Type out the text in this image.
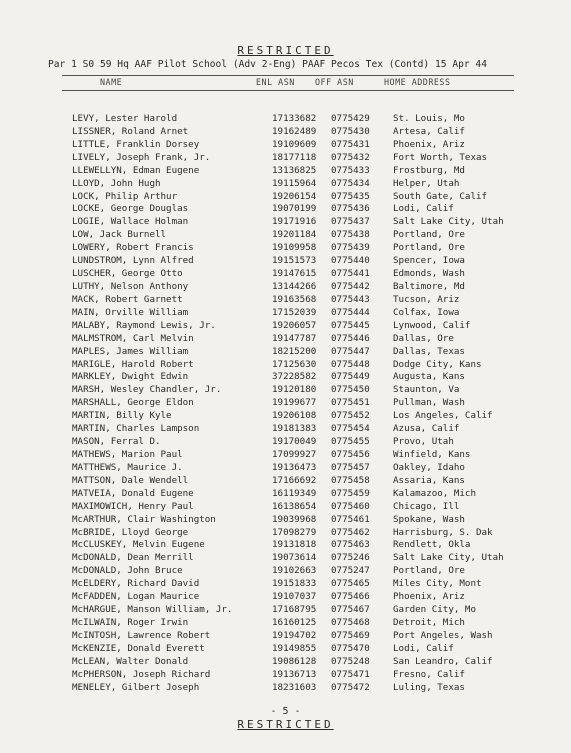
RESTRICTED
Par 1 S0 59 Hq AAF Pilot School (Adv 2-Eng) PAAF Pecos Tex (Contd) 15 Apr 44
NAME	ENL ASN OFF ASN	HOME ADDRESS
LEVY, Lester Harold	17133682 0775429	St. Louis, Mo
LISSNER, Roland Arnet	19162489 0775430	Artesa, Calif
LITTLE, Franklin Dorsey	19109609 0775431	Phoenix, Ariz
LIVELY, Joseph Frank, Jr.	18177118 0775432	Fort Worth, Texas
LLEWELLYN, Edman Eugene	13136825 0775433	Frostburg, Md
LLOYD, John Hugh	19115964 0775434	Helper, Utah
LOCK, Philip Arthur	19206154 0775435	South Gate, Calif
LOCKE, George Douglas	19070199 0775436	Lodi, Calif
LOGIE, Wallace Holman	19171916 0775437	Salt Lake City, Utah
LOW, Jack Burnell	19201184 0775438	Portland, Ore
LOWERY, Robert Francis	19109958 0775439	Portland, Ore
LUNDSTROM, Lynn Alfred	19151573 0775440	Spencer, Iowa
LUSCHER, George Otto	19147615 0775441	Edmonds, Wash
LUTHY, Nelson Anthony	13144266 0775442	Baltimore, Md
MACK, Robert Garnett	19163568 0775443	Tucson, Ariz
MAIN, Orville William	17152039 0775444	Colfax, Iowa
MALABY, Raymond Lewis, Jr.	19206057 0775445	Lynwood, Calif
MALMSTROM, Carl Melvin	19147787 0775446	Dallas, Ore
MAPLES, James William	18215200 0775447	Dallas, Texas
MARIGLE, Harold Robert	17125630 0775448	Dodge City, Kans
MARKLEY, Dwight Edwin	37228582 0775449	Augusta, Kans
MARSH, Wesley Chandler, Jr.	19120180 0775450	Staunton, Va
MARSHALL, George Eldon	19199677 0775451	Pullman, Wash
MARTIN, Billy Kyle	19206108 0775452	Los Angeles, Calif
MARTIN, Charles Lampson	19181383 0775454	Azusa, Calif
MASON, Ferral D.	19170049 0775455	Provo, Utah
MATHEWS, Marion Paul	17099927 0775456	Winfield, Kans
MATTHEWS, Maurice J.	19136473 0775457	Oakley, Idaho
MATTSON, Dale Wendell	17166692 0775458	Assaria, Kans
MATVEIA, Donald Eugene	16119349 0775459	Kalamazoo, Mich
MAXIMOWICH, Henry Paul	16138654 0775460	Chicago, Ill
McARTHUR, Clair Washington	19039968 0775461	Spokane, Wash
McBRIDE, Lloyd George	17098279 0775462	Harrisburg, S. Dak
McCLUSKEY, Melvin Eugene	19131818 0775463	Rendlett, Okla
McDONALD, Dean Merrill	19073614 0775246	Salt Lake City, Utah
McDONALD, John Bruce	19102663 0775247	Portland, Ore
McELDERY, Richard David	19151833 0775465	Miles City, Mont
McFADDEN, Logan Maurice	19107037 0775466	Phoenix, Ariz
McHARGUE, Manson William, Jr.	17168795 0775467	Garden City, Mo
McILWAIN, Roger Irwin	16160125 0775468	Detroit, Mich
McINTOSH, Lawrence Robert	19194702 0775469	Port Angeles, Wash
McKENZIE, Donald Everett	19149855 0775470	Lodi, Calif
McLEAN, Walter Donald	19086128 0775248	San Leandro, Calif
McPHERSON, Joseph Richard	19136713 0775471	Fresno, Calif
MENELEY, Gilbert Joseph	18231603 0775472	Luling, Texas
- 5 -
RESTRICTED
